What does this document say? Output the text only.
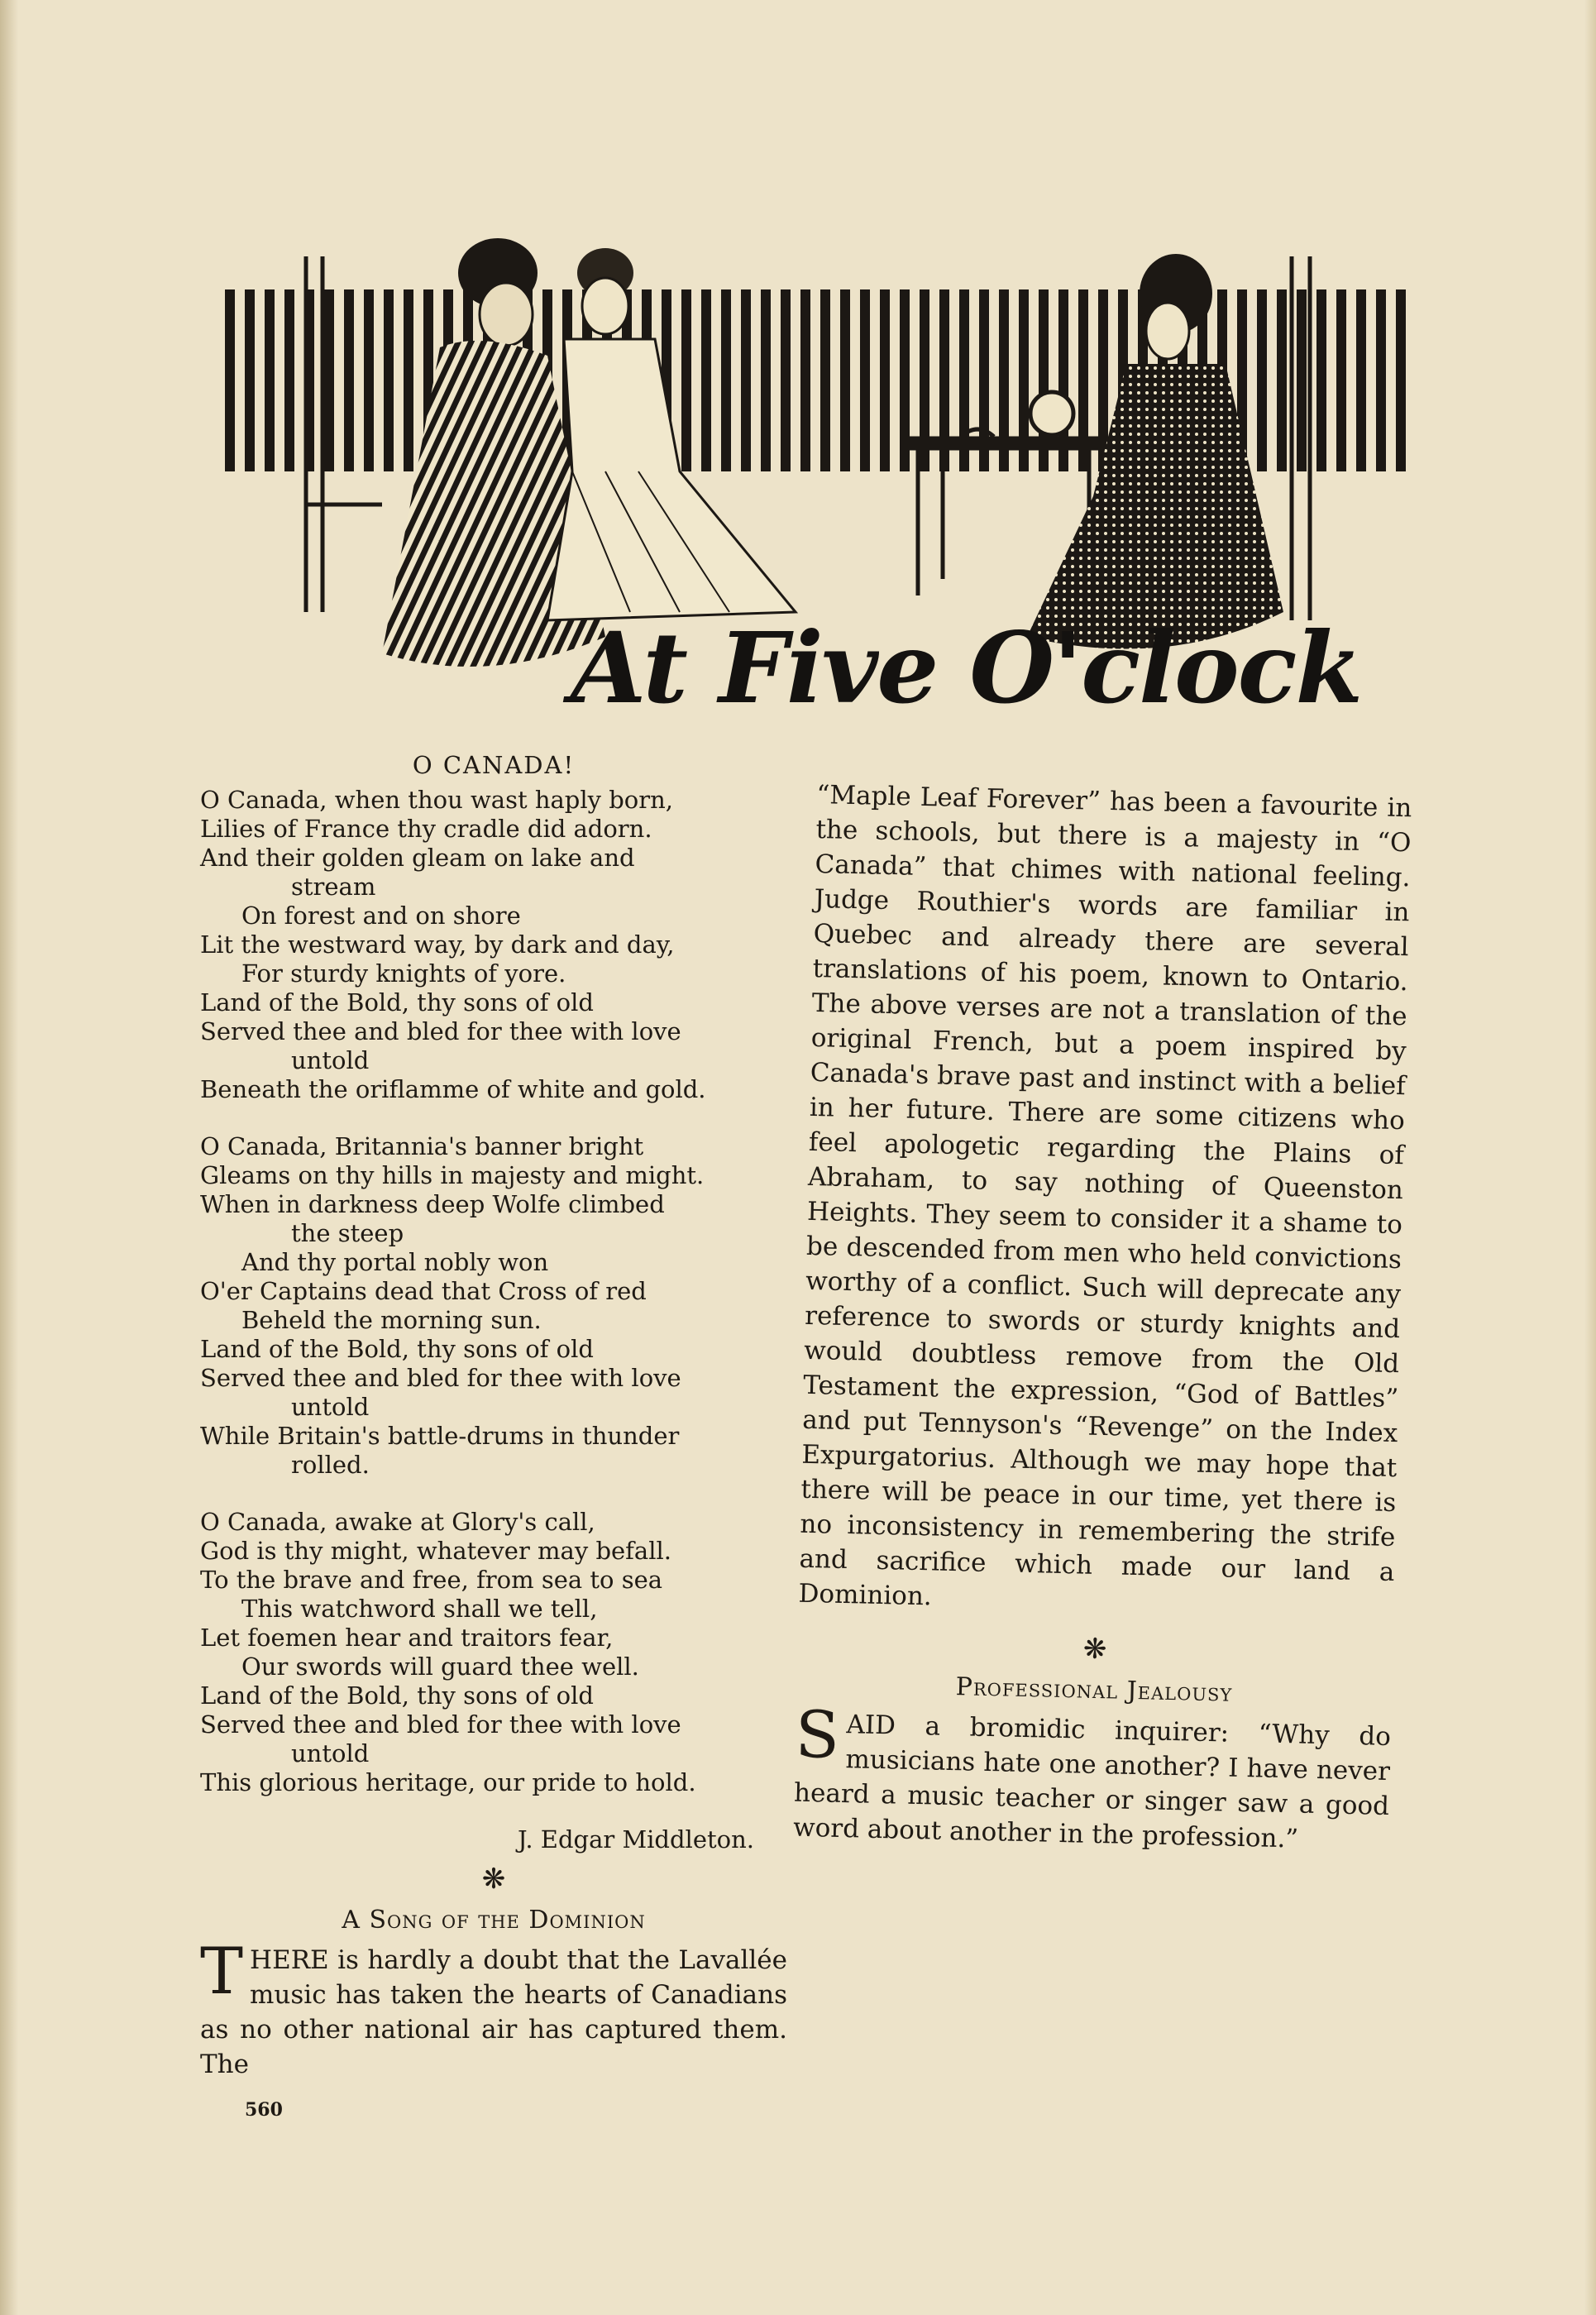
At Five O'clock
O CANADA!
O Canada, when thou wast haply born,
Lilies of France thy cradle did adorn.
And their golden gleam on lake and
stream
On forest and on shore
Lit the westward way, by dark and day,
For sturdy knights of yore.
Land of the Bold, thy sons of old
Served thee and bled for thee with love
untold
Beneath the oriflamme of white and gold.
O Canada, Britannia's banner bright
Gleams on thy hills in majesty and might.
When in darkness deep Wolfe climbed
the steep
And thy portal nobly won
O'er Captains dead that Cross of red
Beheld the morning sun.
Land of the Bold, thy sons of old
Served thee and bled for thee with love
untold
While Britain's battle-drums in thunder
rolled.
O Canada, awake at Glory's call,
God is thy might, whatever may befall.
To the brave and free, from sea to sea
This watchword shall we tell,
Let foemen hear and traitors fear,
Our swords will guard thee well.
Land of the Bold, thy sons of old
Served thee and bled for thee with love
untold
This glorious heritage, our pride to hold.
J. Edgar Middleton.
❋
A Song of the Dominion
T HERE is hardly a doubt that the Lavallée music has taken the hearts of Canadians as no other national air has captured them. The
“Maple Leaf Forever” has been a favourite in the schools, but there is a majesty in “O Canada” that chimes with national feeling. Judge Routhier's words are familiar in Quebec and already there are several translations of his poem, known to Ontario. The above verses are not a translation of the original French, but a poem inspired by Canada's brave past and instinct with a belief in her future. There are some citizens who feel apologetic regarding the Plains of Abraham, to say nothing of Queenston Heights. They seem to consider it a shame to be descended from men who held convictions worthy of a conflict. Such will deprecate any reference to swords or sturdy knights and would doubtless remove from the Old Testament the expression, “God of Battles” and put Tennyson's “Revenge” on the Index Expurgatorius. Although we may hope that there will be peace in our time, yet there is no inconsistency in remembering the strife and sacrifice which made our land a Dominion.
❋
Professional Jealousy
S AID a bromidic inquirer: “Why do musicians hate one another? I have never heard a music teacher or singer saw a good word about another in the profession.”
560
